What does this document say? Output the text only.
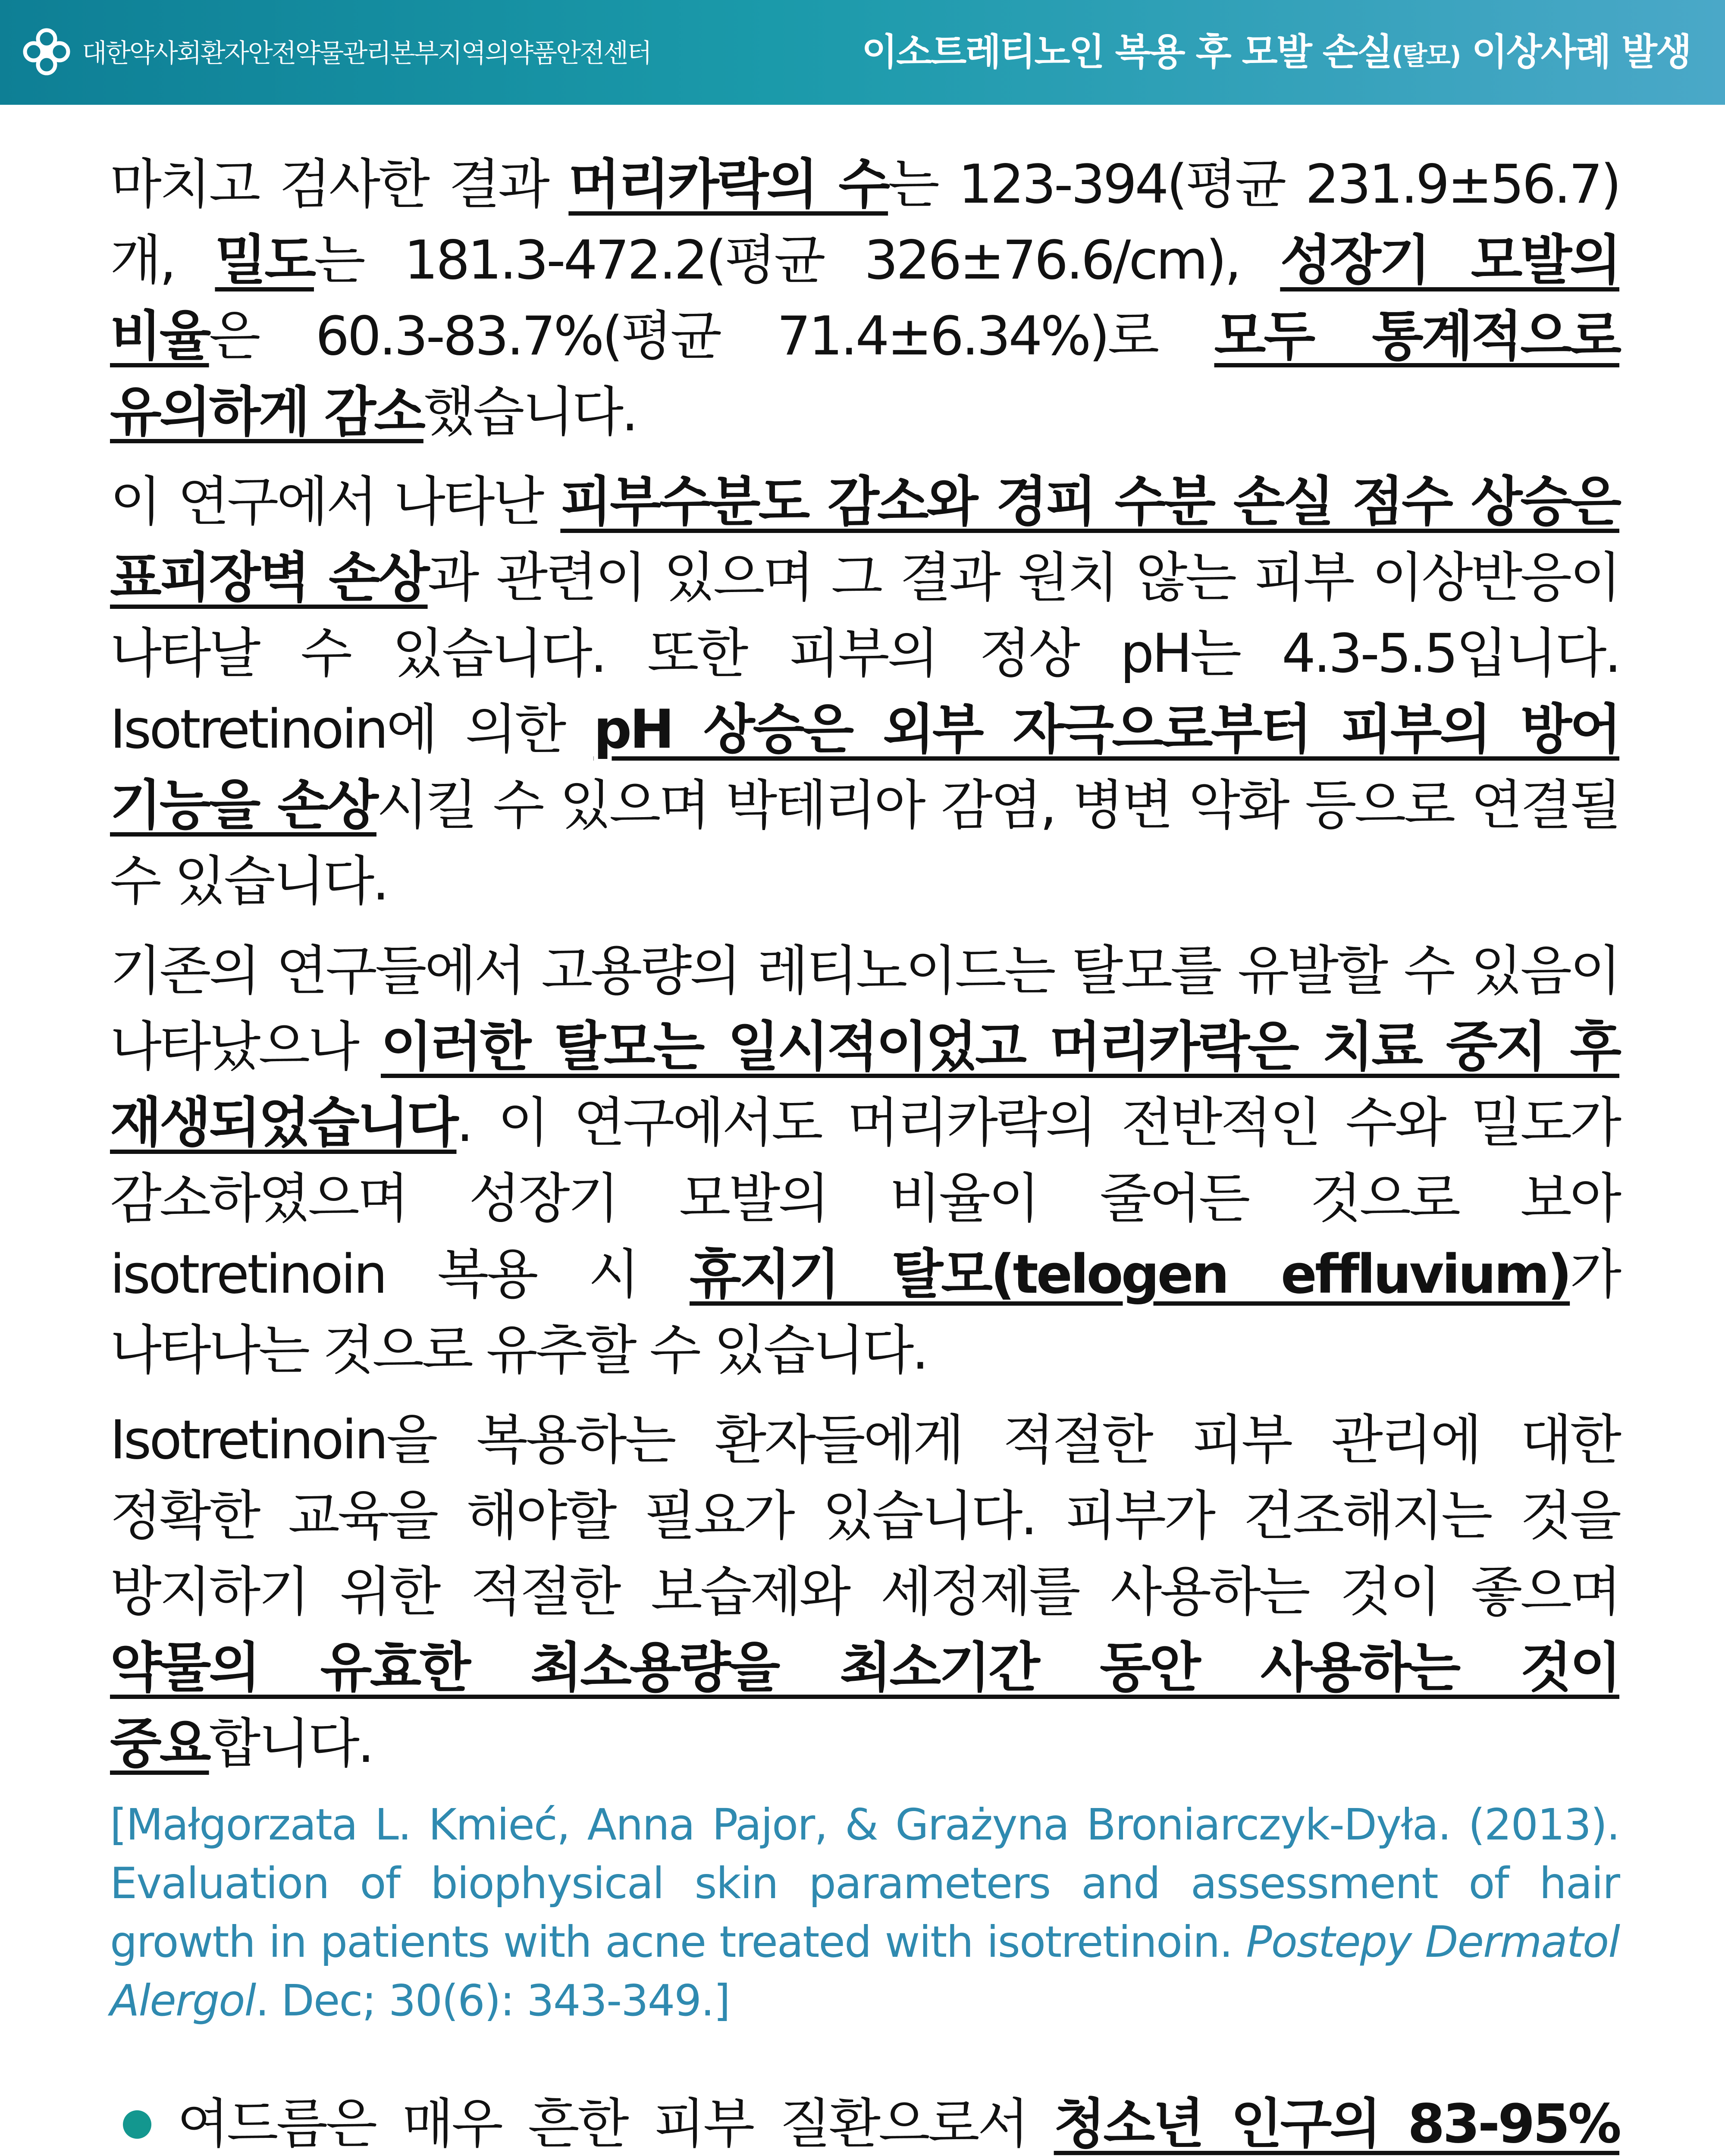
대한약사회환자안전약물관리본부지역의약품안전센터	이소트레티노인 복용 후 모발 손실(탈모) 이상사례 발생

마치고 검사한 결과 머리카락의 수는 123-394(평균 231.9±56.7)개, 밀도는 181.3-472.2(평균 326±76.6/cm), 성장기 모발의 비율은 60.3-83.7%(평균 71.4±6.34%)로 모두 통계적으로 유의하게 감소했습니다.

이 연구에서 나타난 피부수분도 감소와 경피 수분 손실 점수 상승은 표피장벽 손상과 관련이 있으며 그 결과 원치 않는 피부 이상반응이 나타날 수 있습니다. 또한 피부의 정상 pH는 4.3-5.5입니다. Isotretinoin에 의한 pH 상승은 외부 자극으로부터 피부의 방어 기능을 손상시킬 수 있으며 박테리아 감염, 병변 악화 등으로 연결될 수 있습니다.

기존의 연구들에서 고용량의 레티노이드는 탈모를 유발할 수 있음이 나타났으나 이러한 탈모는 일시적이었고 머리카락은 치료 중지 후 재생되었습니다. 이 연구에서도 머리카락의 전반적인 수와 밀도가 감소하였으며 성장기 모발의 비율이 줄어든 것으로 보아 isotretinoin 복용 시 휴지기 탈모(telogen effluvium)가 나타나는 것으로 유추할 수 있습니다.

Isotretinoin을 복용하는 환자들에게 적절한 피부 관리에 대한 정확한 교육을 해야할 필요가 있습니다. 피부가 건조해지는 것을 방지하기 위한 적절한 보습제와 세정제를 사용하는 것이 좋으며 약물의 유효한 최소용량을 최소기간 동안 사용하는 것이 중요합니다.

[Małgorzata L. Kmieć, Anna Pajor, & Grażyna Broniarczyk-Dyła. (2013). Evaluation of biophysical skin parameters and assessment of hair growth in patients with acne treated with isotretinoin. Postepy Dermatol Alergol. Dec; 30(6): 343-349.]

여드름은 매우 흔한 피부 질환으로서 청소년 인구의 83-95%
